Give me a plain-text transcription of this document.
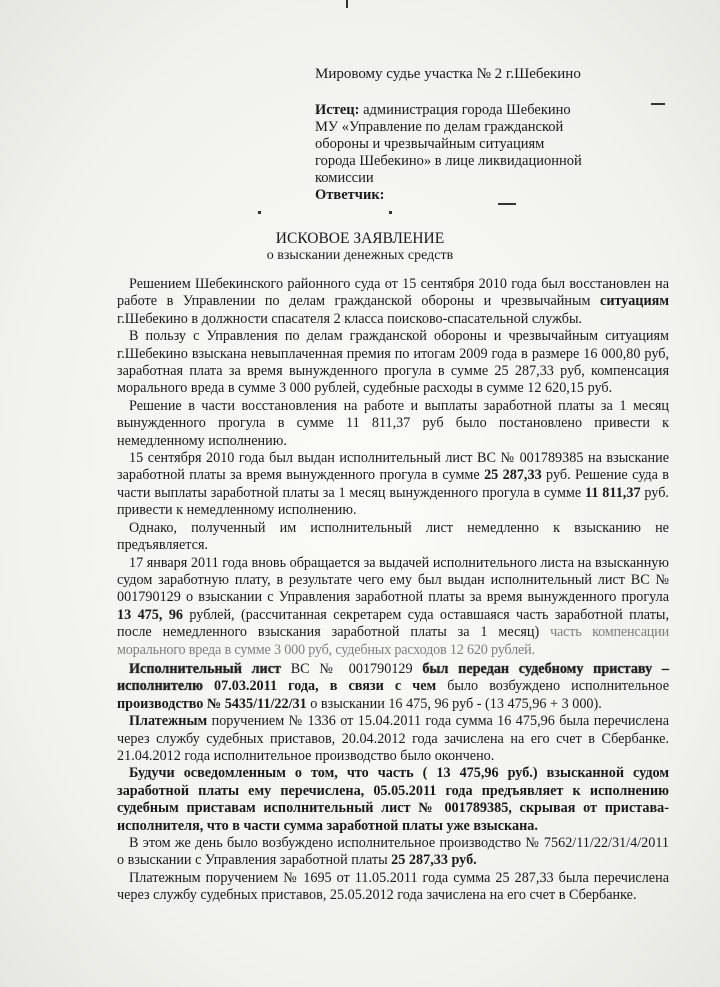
Мировому судье участка № 2 г.Шебекино
Истец: администрация города Шебекино
МУ «Управление по делам гражданской
обороны и чрезвычайным ситуациям
города Шебекино» в лице ликвидационной
комиссии
Ответчик:
ИСКОВОЕ ЗАЯВЛЕНИЕ
о взыскании денежных средств

Решением Шебекинского районного суда от 15 сентября 2010 года был восстановлен на работе в Управлении по делам гражданской обороны и чрезвычайным ситуациям г.Шебекино в должности спасателя 2 класса поисково-спасательной службы.

В пользу с Управления по делам гражданской обороны и чрезвычайным ситуациям г.Шебекино взыскана невыплаченная премия по итогам 2009 года в размере 16 000,80 руб, заработная плата за время вынужденного прогула в сумме 25 287,33 руб, компенсация морального вреда в сумме 3 000 рублей, судебные расходы в сумме 12 620,15 руб.

Решение в части восстановления на работе и выплаты заработной платы за 1 месяц вынужденного прогула в сумме 11 811,37 руб было постановлено привести к немедленному исполнению.

15 сентября 2010 года был выдан исполнительный лист ВС № 001789385 на взыскание заработной платы за время вынужденного прогула в сумме 25 287,33 руб. Решение суда в части выплаты заработной платы за 1 месяц вынужденного прогула в сумме 11 811,37 руб. привести к немедленному исполнению.

Однако, полученный им исполнительный лист немедленно к взысканию не предъявляется.

17 января 2011 года вновь обращается за выдачей исполнительного листа на взысканную судом заработную плату, в результате чего ему был выдан исполнительный лист ВС № 001790129 о взыскании с Управления заработной платы за время вынужденного прогула 13 475, 96 рублей, (рассчитанная секретарем суда оставшаяся часть заработной платы, после немедленного взыскания заработной платы за 1 месяц) часть компенсации морального вреда в сумме 3 000 руб, судебных расходов 12 620 рублей.

Исполнительный лист ВС № 001790129 был передан судебному приставу – исполнителю 07.03.2011 года, в связи с чем было возбуждено исполнительное производство № 5435/11/22/31 о взыскании 16 475, 96 руб - (13 475,96 + 3 000).

Платежным поручением № 1336 от 15.04.2011 года сумма 16 475,96 была перечислена через службу судебных приставов, 20.04.2012 года зачислена на его счет в Сбербанке. 21.04.2012 года исполнительное производство было окончено.

Будучи осведомленным о том, что часть ( 13 475,96 руб.) взысканной судом заработной платы ему перечислена, 05.05.2011 года предъявляет к исполнению судебным приставам исполнительный лист № 001789385, скрывая от пристава-исполнителя, что в части сумма заработной платы уже взыскана.

В этом же день было возбуждено исполнительное производство № 7562/11/22/31/4/2011 о взыскании с Управления заработной платы 25 287,33 руб.

Платежным поручением № 1695 от 11.05.2011 года сумма 25 287,33 была перечислена через службу судебных приставов, 25.05.2012 года зачислена на его счет в Сбербанке.
